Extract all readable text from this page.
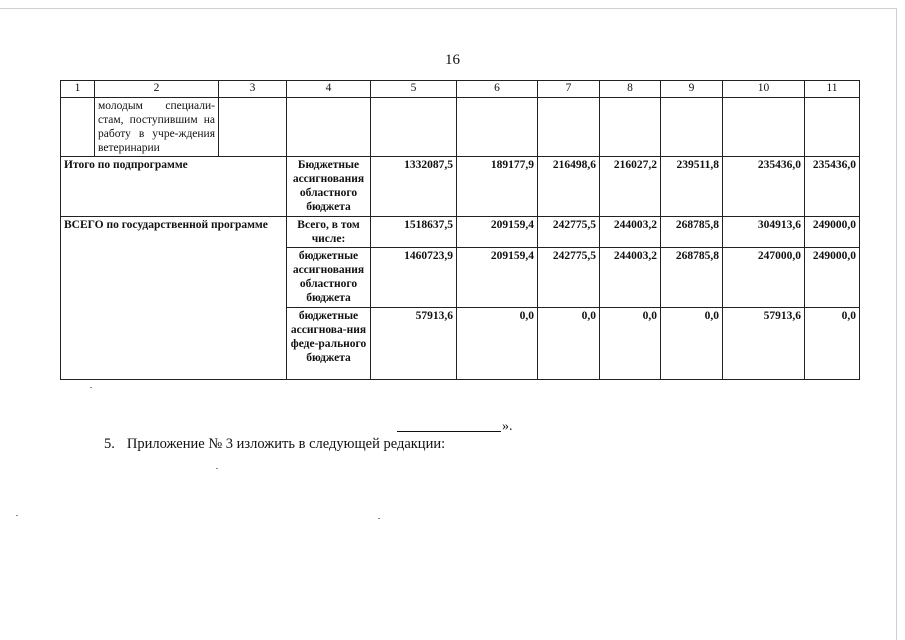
16
1	2	3	4	5	6	7	8	9	10	11
	молодым специали-стам, поступившим на работу в учре-ждения ветеринарии									
Итого по подпрограмме			Бюджетные ассигнования областного бюджета	1332087,5	189177,9	216498,6	216027,2	239511,8	235436,0	235436,0
ВСЕГО по государственной программе			Всего, в том числе:	1518637,5	209159,4	242775,5	244003,2	268785,8	304913,6	249000,0
			бюджетные ассигнования областного бюджета	1460723,9	209159,4	242775,5	244003,2	268785,8	247000,0	249000,0
			бюджетные ассигнова-ния феде-рального бюджета	57913,6	0,0	0,0	0,0	0,0	57913,6	0,0
».
5. Приложение № 3 изложить в следующей редакции:
